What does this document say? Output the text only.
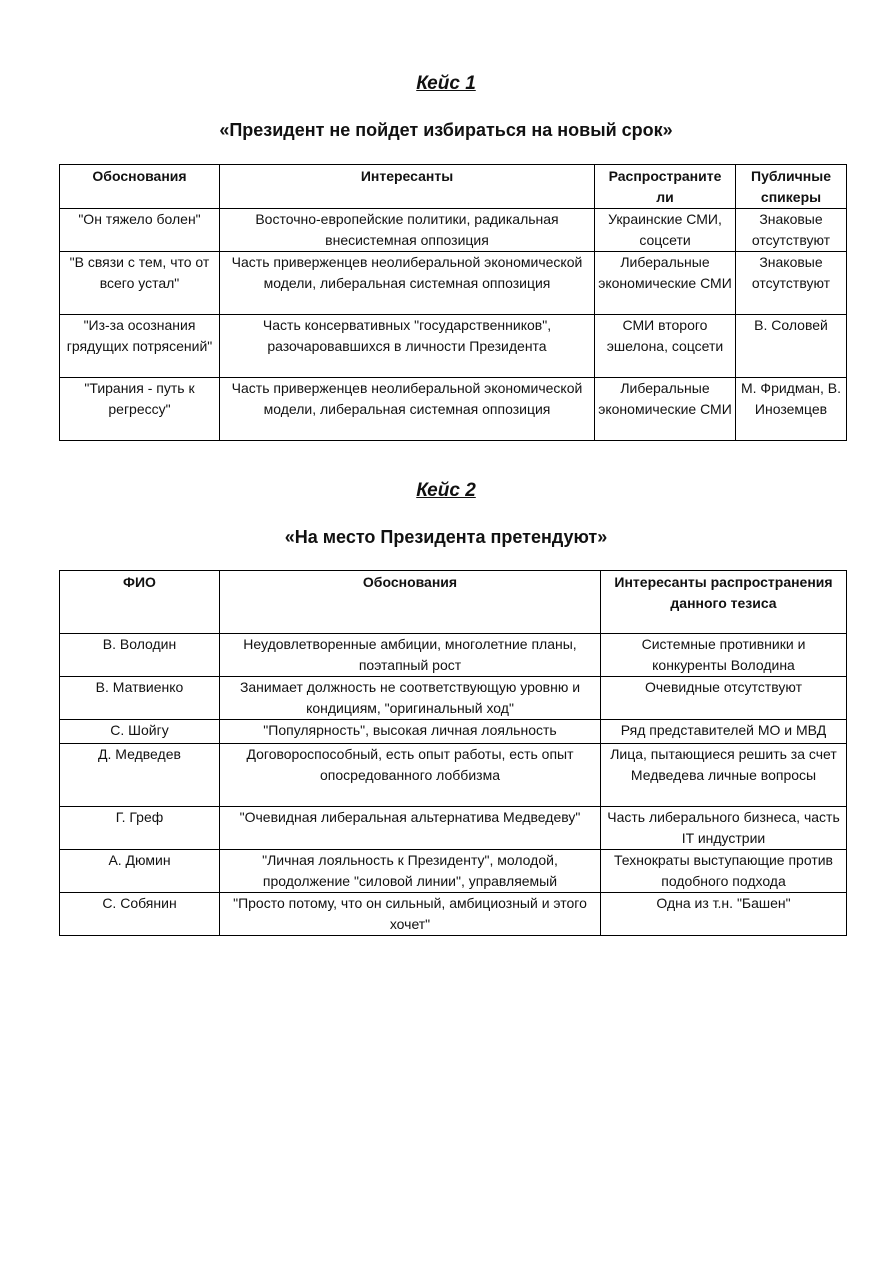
Кейс 1
«Президент не пойдет избираться на новый срок»
Обоснования	Интересанты	Распространите ли	Публичные спикеры
"Он тяжело болен"	Восточно-европейские политики, радикальная внесистемная оппозиция	Украинские СМИ, соцсети	Знаковые отсутствуют
"В связи с тем, что от всего устал"	Часть приверженцев неолиберальной экономической модели, либеральная системная оппозиция	Либеральные экономические СМИ	Знаковые отсутствуют
"Из-за осознания грядущих потрясений"	Часть консервативных "государственников", разочаровавшихся в личности Президента	СМИ второго эшелона, соцсети	В. Соловей
"Тирания - путь к регрессу"	Часть приверженцев неолиберальной экономической модели, либеральная системная оппозиция	Либеральные экономические СМИ	М. Фридман, В. Иноземцев
Кейс 2
«На место Президента претендуют»
ФИО	Обоснования	Интересанты распространения данного тезиса
В. Володин	Неудовлетворенные амбиции, многолетние планы, поэтапный рост	Системные противники и конкуренты Володина
В. Матвиенко	Занимает должность не соответствующую уровню и кондициям, "оригинальный ход"	Очевидные отсутствуют
С. Шойгу	"Популярность", высокая личная лояльность	Ряд представителей МО и МВД
Д. Медведев	Договороспособный, есть опыт работы, есть опыт опосредованного лоббизма	Лица, пытающиеся решить за счет Медведева личные вопросы
Г. Греф	"Очевидная либеральная альтернатива Медведеву"	Часть либерального бизнеса, часть IT индустрии
А. Дюмин	"Личная лояльность к Президенту", молодой, продолжение "силовой линии", управляемый	Технократы выступающие против подобного подхода
С. Собянин	"Просто потому, что он сильный, амбициозный и этого хочет"	Одна из т.н. "Башен"
